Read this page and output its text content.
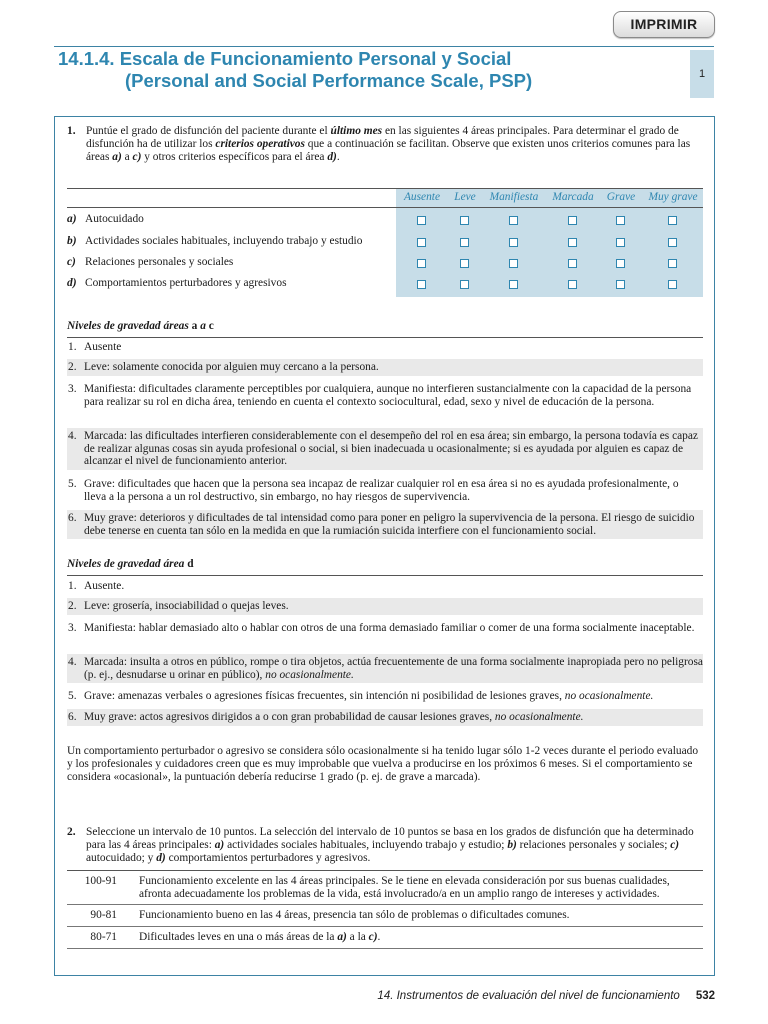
IMPRIMIR
14.1.4. Escala de Funcionamiento Personal y Social
(Personal and Social Performance Scale, PSP)	1
1. Puntúe el grado de disfunción del paciente durante el último mes en las siguientes 4 áreas principales. Para determinar el grado de disfunción ha de utilizar los criterios operativos que a continuación se facilitan. Observe que existen unos criterios comunes para las áreas a) a c) y otros criterios específicos para el área d).
Ausente	Leve	Manifiesta	Marcada	Grave	Muy grave
a) Autocuidado
b) Actividades sociales habituales, incluyendo trabajo y estudio
c) Relaciones personales y sociales
d) Comportamientos perturbadores y agresivos
Niveles de gravedad áreas a a c
1. Ausente
2. Leve: solamente conocida por alguien muy cercano a la persona.
3. Manifiesta: dificultades claramente perceptibles por cualquiera, aunque no interfieren sustancialmente con la capacidad de la persona para realizar su rol en dicha área, teniendo en cuenta el contexto sociocultural, edad, sexo y nivel de educación de la persona.
4. Marcada: las dificultades interfieren considerablemente con el desempeño del rol en esa área; sin embargo, la persona todavía es capaz de realizar algunas cosas sin ayuda profesional o social, si bien inadecuada u ocasionalmente; si es ayudada por alguien es capaz de alcanzar el nivel de funcionamiento anterior.
5. Grave: dificultades que hacen que la persona sea incapaz de realizar cualquier rol en esa área si no es ayudada profesionalmente, o lleva a la persona a un rol destructivo, sin embargo, no hay riesgos de supervivencia.
6. Muy grave: deterioros y dificultades de tal intensidad como para poner en peligro la supervivencia de la persona. El riesgo de suicidio debe tenerse en cuenta tan sólo en la medida en que la rumiación suicida interfiere con el funcionamiento social.
Niveles de gravedad área d
1. Ausente.
2. Leve: grosería, insociabilidad o quejas leves.
3. Manifiesta: hablar demasiado alto o hablar con otros de una forma demasiado familiar o comer de una forma socialmente inaceptable.
4. Marcada: insulta a otros en público, rompe o tira objetos, actúa frecuentemente de una forma socialmente inapropiada pero no peligrosa (p. ej., desnudarse u orinar en público), no ocasionalmente.
5. Grave: amenazas verbales o agresiones físicas frecuentes, sin intención ni posibilidad de lesiones graves, no ocasionalmente.
6. Muy grave: actos agresivos dirigidos a o con gran probabilidad de causar lesiones graves, no ocasionalmente.
Un comportamiento perturbador o agresivo se considera sólo ocasionalmente si ha tenido lugar sólo 1-2 veces durante el periodo evaluado y los profesionales y cuidadores creen que es muy improbable que vuelva a producirse en los próximos 6 meses. Si el comportamiento se considera «ocasional», la puntuación debería reducirse 1 grado (p. ej. de grave a marcada).
2. Seleccione un intervalo de 10 puntos. La selección del intervalo de 10 puntos se basa en los grados de disfunción que ha determinado para las 4 áreas principales: a) actividades sociales habituales, incluyendo trabajo y estudio; b) relaciones personales y sociales; c) autocuidado; y d) comportamientos perturbadores y agresivos.
100-91	Funcionamiento excelente en las 4 áreas principales. Se le tiene en elevada consideración por sus buenas cualidades, afronta adecuadamente los problemas de la vida, está involucrado/a en un amplio rango de intereses y actividades.
90-81	Funcionamiento bueno en las 4 áreas, presencia tan sólo de problemas o dificultades comunes.
80-71	Dificultades leves en una o más áreas de la a) a la c).
14. Instrumentos de evaluación del nivel de funcionamiento 532
